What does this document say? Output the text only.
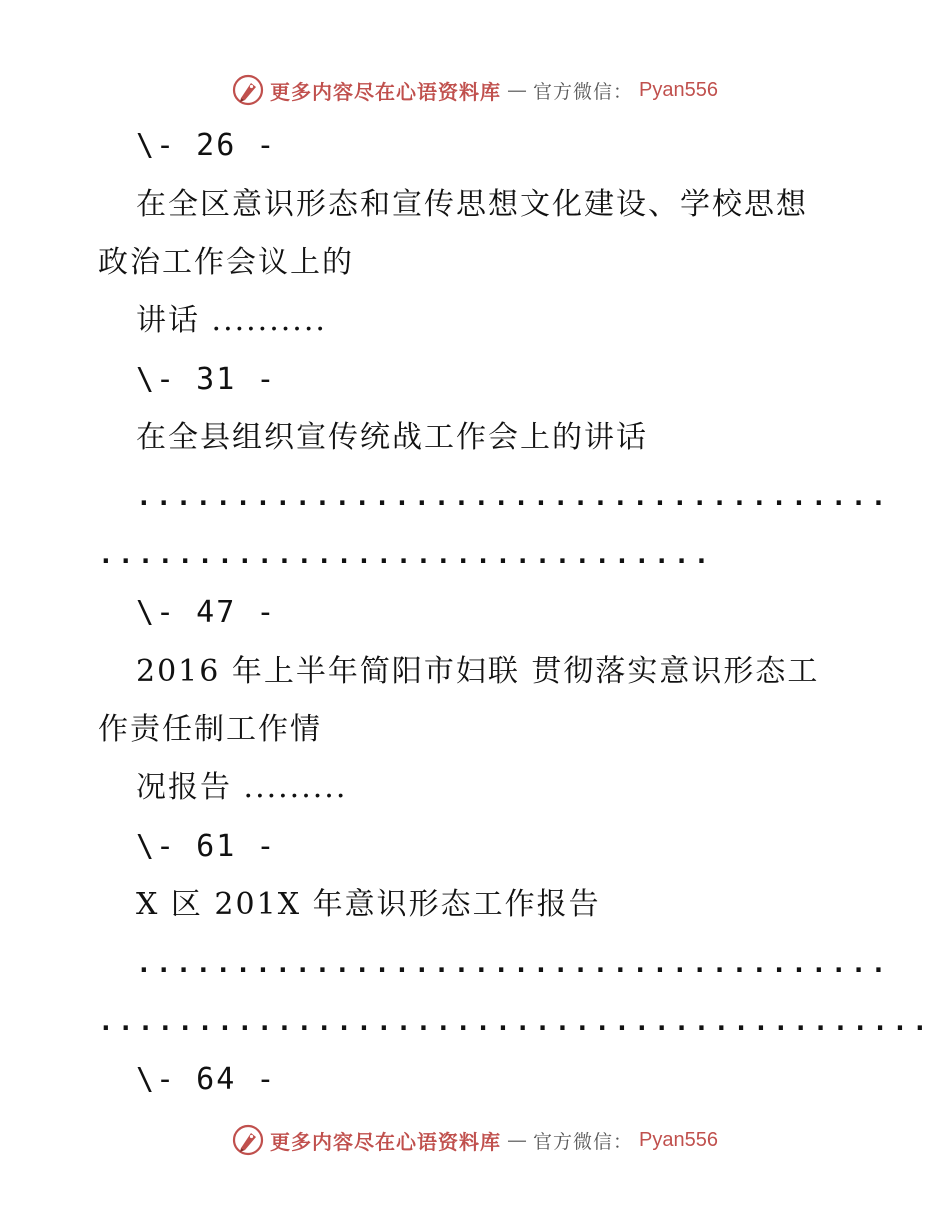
更多内容尽在心语资料库 — 官方微信： Pyan556
\- 26 -
在全区意识形态和宣传思想文化建设、学校思想
政治工作会议上的
讲话 ..........
\- 31 -
在全县组织宣传统战工作会上的讲话
......................................
...............................
\- 47 -
2016 年上半年简阳市妇联 贯彻落实意识形态工
作责任制工作情
况报告 .........
\- 61 -
X 区 201X 年意识形态工作报告
......................................
..........................................
\- 64 -
更多内容尽在心语资料库 — 官方微信： Pyan556
